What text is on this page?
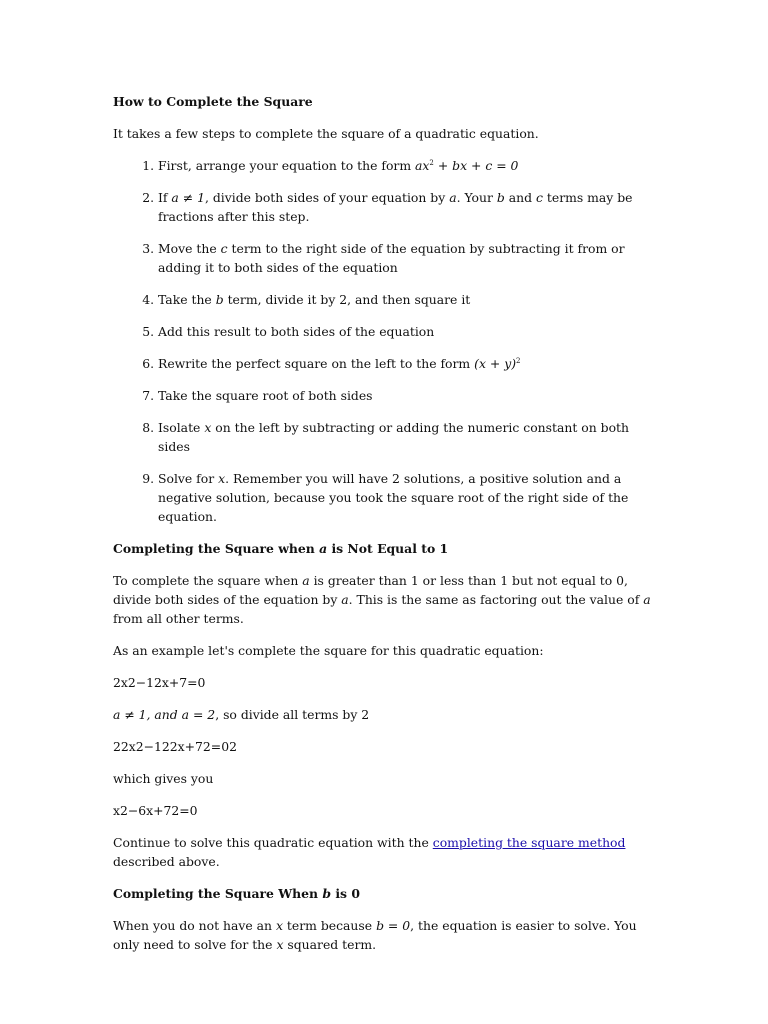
How to Complete the Square

It takes a few steps to complete the square of a quadratic equation.

1. First, arrange your equation to the form $ax^2$ + bx + c = 0
2. If a ≠ 1, divide both sides of your equation by a. Your b and c terms may be fractions after this step.
3. Move the c term to the right side of the equation by subtracting it from or adding it to both sides of the equation
4. Take the b term, divide it by 2, and then square it
5. Add this result to both sides of the equation
6. Rewrite the perfect square on the left to the form $(x + y)^2$
7. Take the square root of both sides
8. Isolate x on the left by subtracting or adding the numeric constant on both sides
9. Solve for x. Remember you will have 2 solutions, a positive solution and a negative solution, because you took the square root of the right side of the equation.
Completing the Square when a is Not Equal to 1

To complete the square when a is greater than 1 or less than 1 but not equal to 0, divide both sides of the equation by a. This is the same as factoring out the value of a from all other terms.

As an example let's complete the square for this quadratic equation:

2x2−12x+7=0

a ≠ 1, and a = 2, so divide all terms by 2

22x2−122x+72=02

which gives you

x2−6x+72=0

Continue to solve this quadratic equation with the completing the square method described above.

Completing the Square When b is 0

When you do not have an x term because b = 0, the equation is easier to solve. You only need to solve for the x squared term.
